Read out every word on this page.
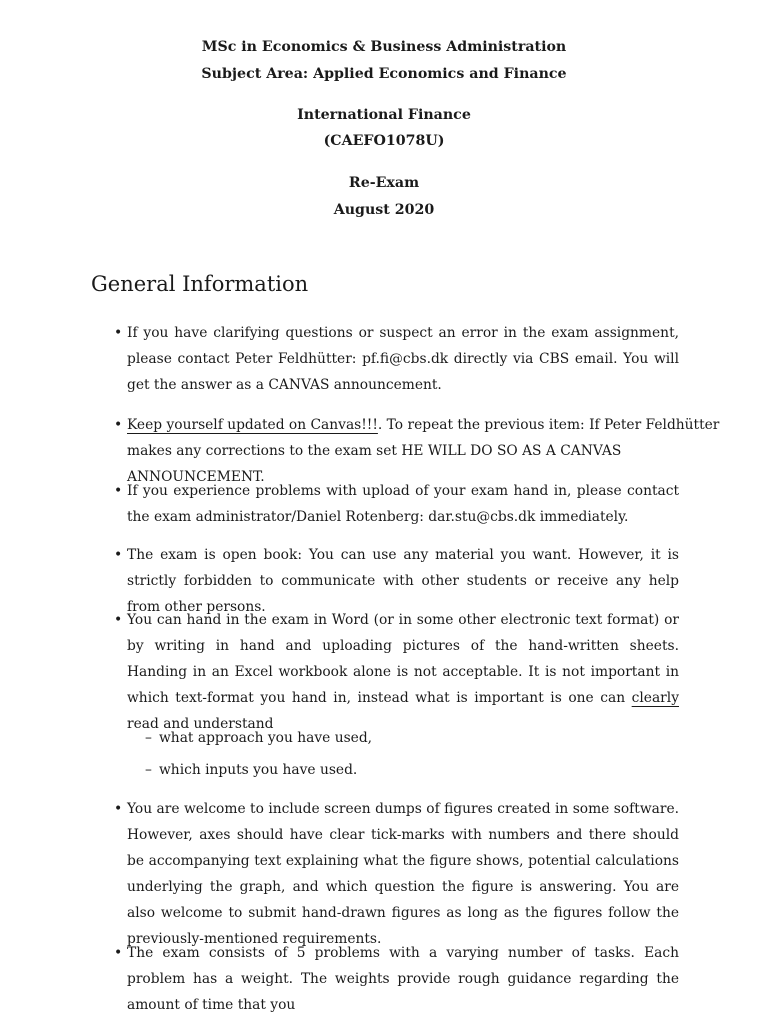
MSc in Economics & Business Administration
Subject Area: Applied Economics and Finance
International Finance
(CAEFO1078U)
Re-Exam
August 2020
General Information
• If you have clarifying questions or suspect an error in the exam assignment, please contact Peter Feldhütter: pf.fi@cbs.dk directly via CBS email. You will get the answer as a CANVAS announcement.
• Keep yourself updated on Canvas!!!. To repeat the previous item: If Peter Feldhütter makes any corrections to the exam set HE WILL DO SO AS A CANVAS ANNOUNCEMENT.
• If you experience problems with upload of your exam hand in, please contact the exam administrator/Daniel Rotenberg: dar.stu@cbs.dk immediately.
• The exam is open book: You can use any material you want. However, it is strictly forbidden to communicate with other students or receive any help from other persons.
• You can hand in the exam in Word (or in some other electronic text format) or by writing in hand and uploading pictures of the hand-written sheets. Handing in an Excel workbook alone is not acceptable. It is not important in which text-format you hand in, instead what is important is one can clearly read and understand
– what approach you have used,
– which inputs you have used.
• You are welcome to include screen dumps of figures created in some software. However, axes should have clear tick-marks with numbers and there should be accompanying text explaining what the figure shows, potential calculations underlying the graph, and which question the figure is answering. You are also welcome to submit hand-drawn figures as long as the figures follow the previously-mentioned requirements.
• The exam consists of 5 problems with a varying number of tasks. Each problem has a weight. The weights provide rough guidance regarding the amount of time that you
